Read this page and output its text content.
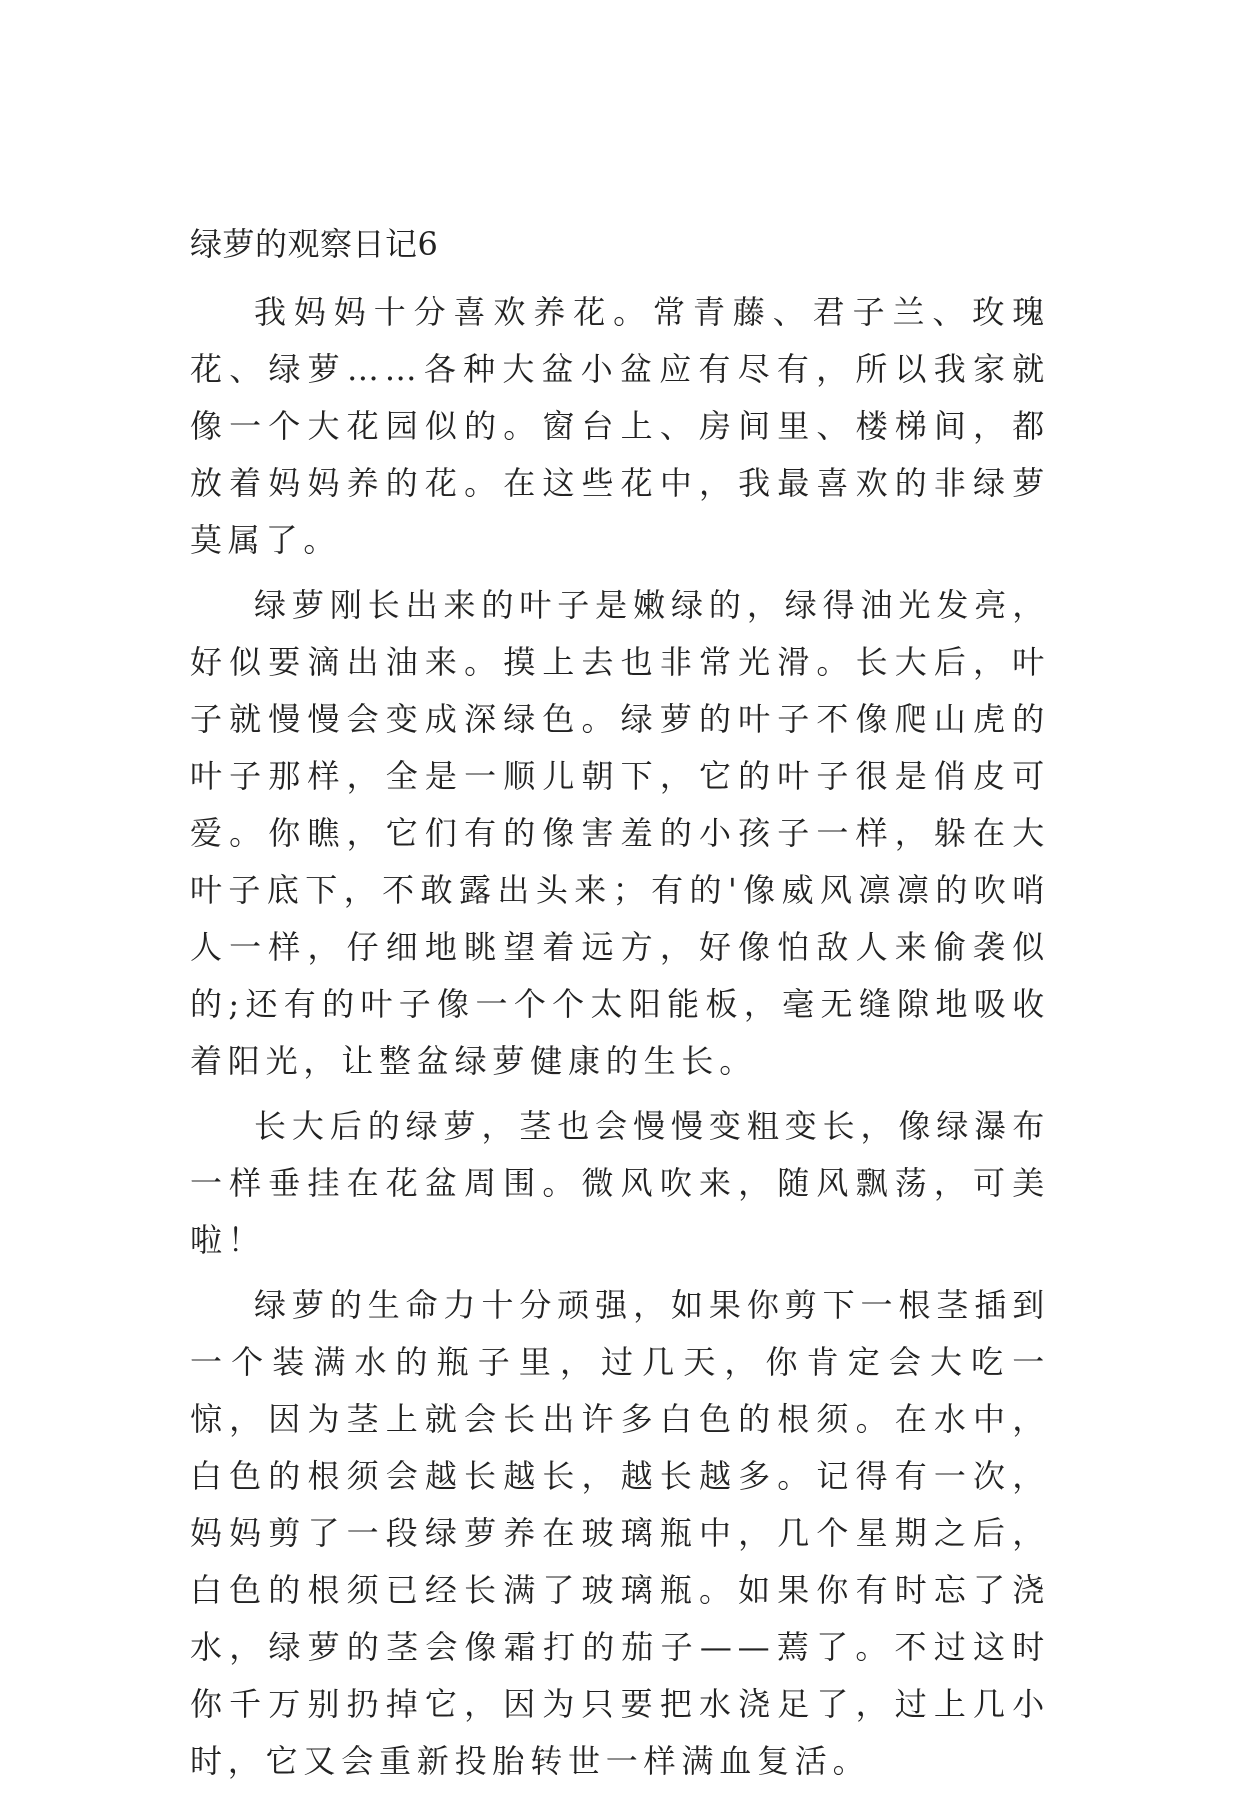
绿萝的观察日记6

我妈妈十分喜欢养花。常青藤、君子兰、玫瑰花、绿萝……各种大盆小盆应有尽有，所以我家就像一个大花园似的。窗台上、房间里、楼梯间，都放着妈妈养的花。在这些花中，我最喜欢的非绿萝莫属了。

绿萝刚长出来的叶子是嫩绿的，绿得油光发亮，好似要滴出油来。摸上去也非常光滑。长大后，叶子就慢慢会变成深绿色。绿萝的叶子不像爬山虎的叶子那样，全是一顺儿朝下，它的叶子很是俏皮可爱。你瞧，它们有的像害羞的小孩子一样，躲在大叶子底下，不敢露出头来；有的'像威风凛凛的吹哨人一样，仔细地眺望着远方，好像怕敌人来偷袭似的;还有的叶子像一个个太阳能板，毫无缝隙地吸收着阳光，让整盆绿萝健康的生长。

长大后的绿萝，茎也会慢慢变粗变长，像绿瀑布一样垂挂在花盆周围。微风吹来，随风飘荡，可美啦！

绿萝的生命力十分顽强，如果你剪下一根茎插到一个装满水的瓶子里，过几天，你肯定会大吃一惊，因为茎上就会长出许多白色的根须。在水中，白色的根须会越长越长，越长越多。记得有一次，妈妈剪了一段绿萝养在玻璃瓶中，几个星期之后，白色的根须已经长满了玻璃瓶。如果你有时忘了浇水，绿萝的茎会像霜打的茄子——蔫了。不过这时你千万别扔掉它，因为只要把水浇足了，过上几小时，它又会重新投胎转世一样满血复活。
